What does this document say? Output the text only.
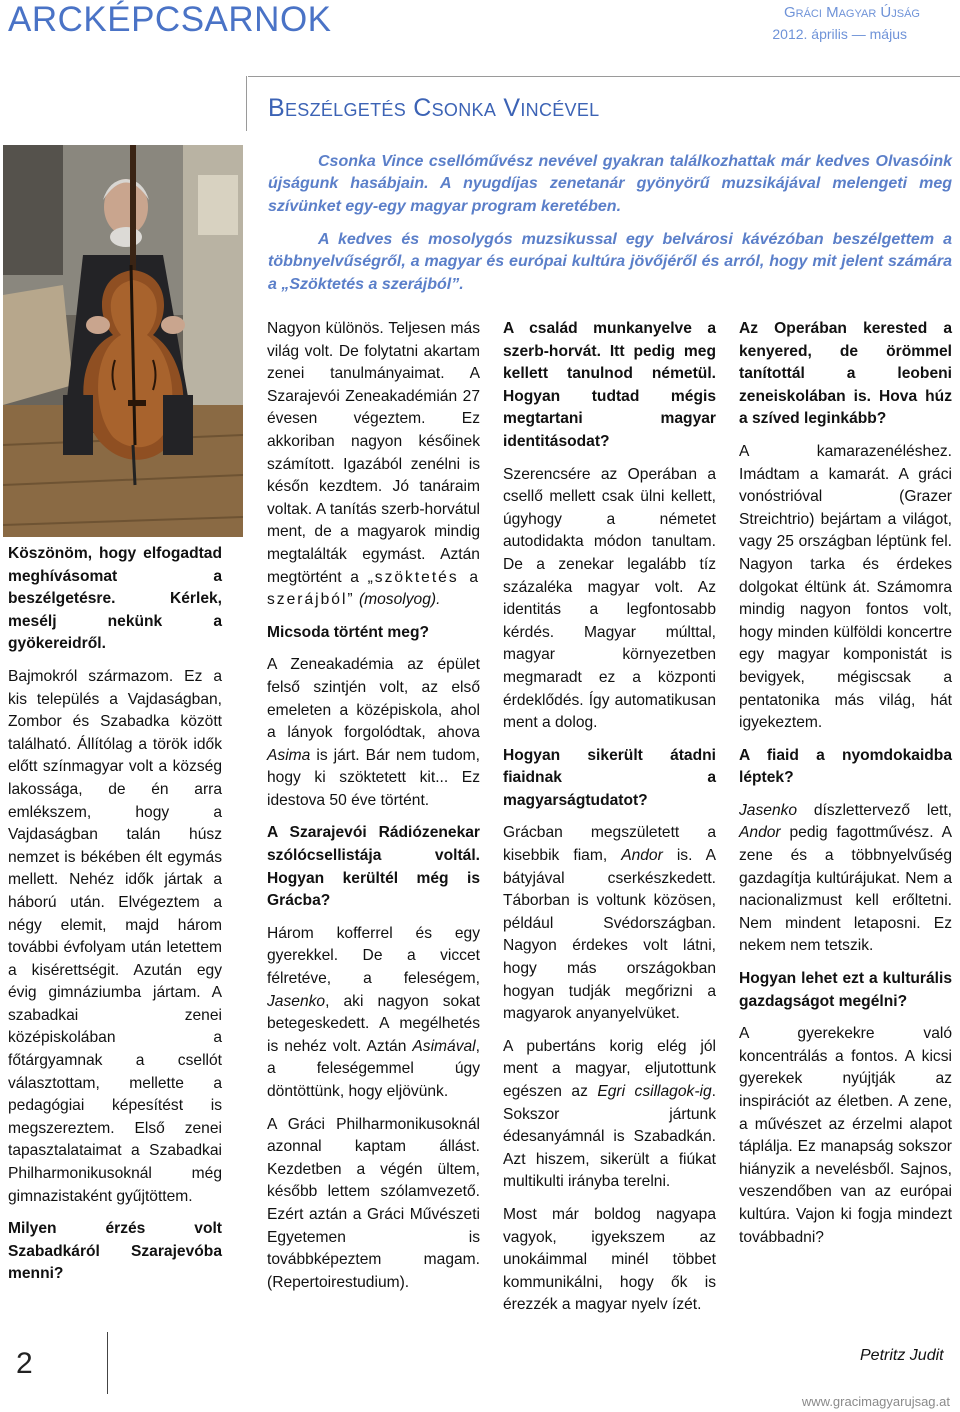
ARCKÉPCSARNOK	Gráci Magyar Újság
2012. április — május
Beszélgetés Csonka Vincével
Csonka Vince csellóművész nevével gyakran találkozhattak már kedves Olvasóink újságunk hasábjain. A nyugdíjas zenetanár gyönyörű muzsikájával melengeti meg szívünket egy-egy magyar program keretében.
A kedves és mosolygós muzsikussal egy belvárosi kávézóban beszélgettem a többnyelvűségről, a magyar és európai kultúra jövőjéről és arról, hogy mit jelent számára a „Szöktetés a szerájból”.

Köszönöm, hogy elfogadtad meghívásomat a beszélgetésre. Kérlek, mesélj nekünk a gyökereidről.

Bajmokról származom. Ez a kis település a Vajdaságban, Zombor és Szabadka között található. Állítólag a török idők előtt színmagyar volt a község lakossága, de én arra emlékszem, hogy a Vajdaságban talán húsz nemzet is békében élt egymás mellett. Nehéz idők jártak a háború után. Elvégeztem a négy elemit, majd három további évfolyam után letettem a kisérettségit. Azután egy évig gimnáziumba jártam. A szabadkai zenei középiskolában a főtárgyamnak a csellót választottam, mellette a pedagógiai képesítést is megszereztem. Első zenei tapasztalataimat a Szabadkai Philharmonikusoknál még gimnazistaként gyűjtöttem.

Milyen érzés volt Szabadkáról Szarajevóba menni?

Nagyon különös. Teljesen más világ volt. De folytatni akartam zenei tanulmányaimat. A Szarajevói Zeneakadémián 27 évesen végeztem. Ez akkoriban nagyon későinek számított. Igazából zenélni is későn kezdtem. Jó tanáraim voltak. A tanítás szerb-horvátul ment, de a magyarok mindig megtalálták egymást. Aztán megtörtént a „szöktetés a szerájból” (mosolyog).

Micsoda történt meg?

A Zeneakadémia az épület felső szintjén volt, az első emeleten a középiskola, ahol a lányok forgolódtak, ahova Asima is járt. Bár nem tudom, hogy ki szöktetett kit... Ez idestova 50 éve történt.

A Szarajevói Rádiózenekar szólócsellistája voltál. Hogyan kerültél még is Grácba?

Három kofferrel és egy gyerekkel. De a viccet félretéve, a feleségem, Jasenko, aki nagyon sokat betegeskedett. A megélhetés is nehéz volt. Aztán Asimával, a feleségemmel úgy döntöttünk, hogy eljövünk.

A Gráci Philharmonikusoknál azonnal kaptam állást. Kezdetben a végén ültem, később lettem szólamvezető. Ezért aztán a Gráci Művészeti Egyetemen is továbbképeztem magam. (Repertoirestudium).

A család munkanyelve a szerb-horvát. Itt pedig meg kellett tanulnod németül. Hogyan tudtad mégis megtartani magyar identitásodat?

Szerencsére az Operában a csellő mellett csak ülni kellett, úgyhogy a németet autodidakta módon tanultam. De a zenekar legalább tíz százaléka magyar volt. Az identitás a legfontosabb kérdés. Magyar múlttal, magyar környezetben megmaradt ez a központi érdeklődés. Így automatikusan ment a dolog.

Hogyan sikerült átadni fiaidnak a magyarságtudatot?

Grácban megszületett a kisebbik fiam, Andor is. A bátyjával cserkészkedett. Táborban is voltunk közösen, például Svédországban. Nagyon érdekes volt látni, hogy más országokban hogyan tudják megőrizni a magyarok anyanyelvüket.

A pubertáns korig elég jól ment a magyar, eljutottunk egészen az Egri csillagok-ig. Sokszor jártunk édesanyámnál is Szabadkán. Azt hiszem, sikerült a fiúkat multikulti irányba terelni.

Most már boldog nagyapa vagyok, igyekszem az unokáimmal minél többet kommunikálni, hogy ők is érezzék a magyar nyelv ízét.

Az Operában kerested a kenyered, de örömmel tanítottál a leobeni zeneiskolában is. Hova húz a szíved leginkább?

A kamarazenéléshez. Imádtam a kamarát. A gráci vonóstrióval (Grazer Streichtrio) bejártam a világot, vagy 25 országban léptünk fel. Nagyon tarka és érdekes dolgokat éltünk át. Számomra mindig nagyon fontos volt, hogy minden külföldi koncertre egy magyar komponistát is bevigyek, mégiscsak a pentatonika más világ, hát igyekeztem.

A fiaid a nyomdokaidba léptek?

Jasenko díszlettervező lett, Andor pedig fagottművész. A zene és a többnyelvűség gazdagítja kultúrájukat. Nem a nacionalizmust kell erőltetni. Nem mindent letaposni. Ez nekem nem tetszik.

Hogyan lehet ezt a kulturális gazdagságot megélni?

A gyerekekre való koncentrálás a fontos. A kicsi gyerekek nyújtják az inspirációt az életben. A zene, a művészet az érzelmi alapot táplálja. Ez manapság sokszor hiányzik a nevelésből. Sajnos, veszendőben van az európai kultúra. Vajon ki fogja mindezt továbbadni?

2	Petritz Judit
www.gracimagyarujsag.at
